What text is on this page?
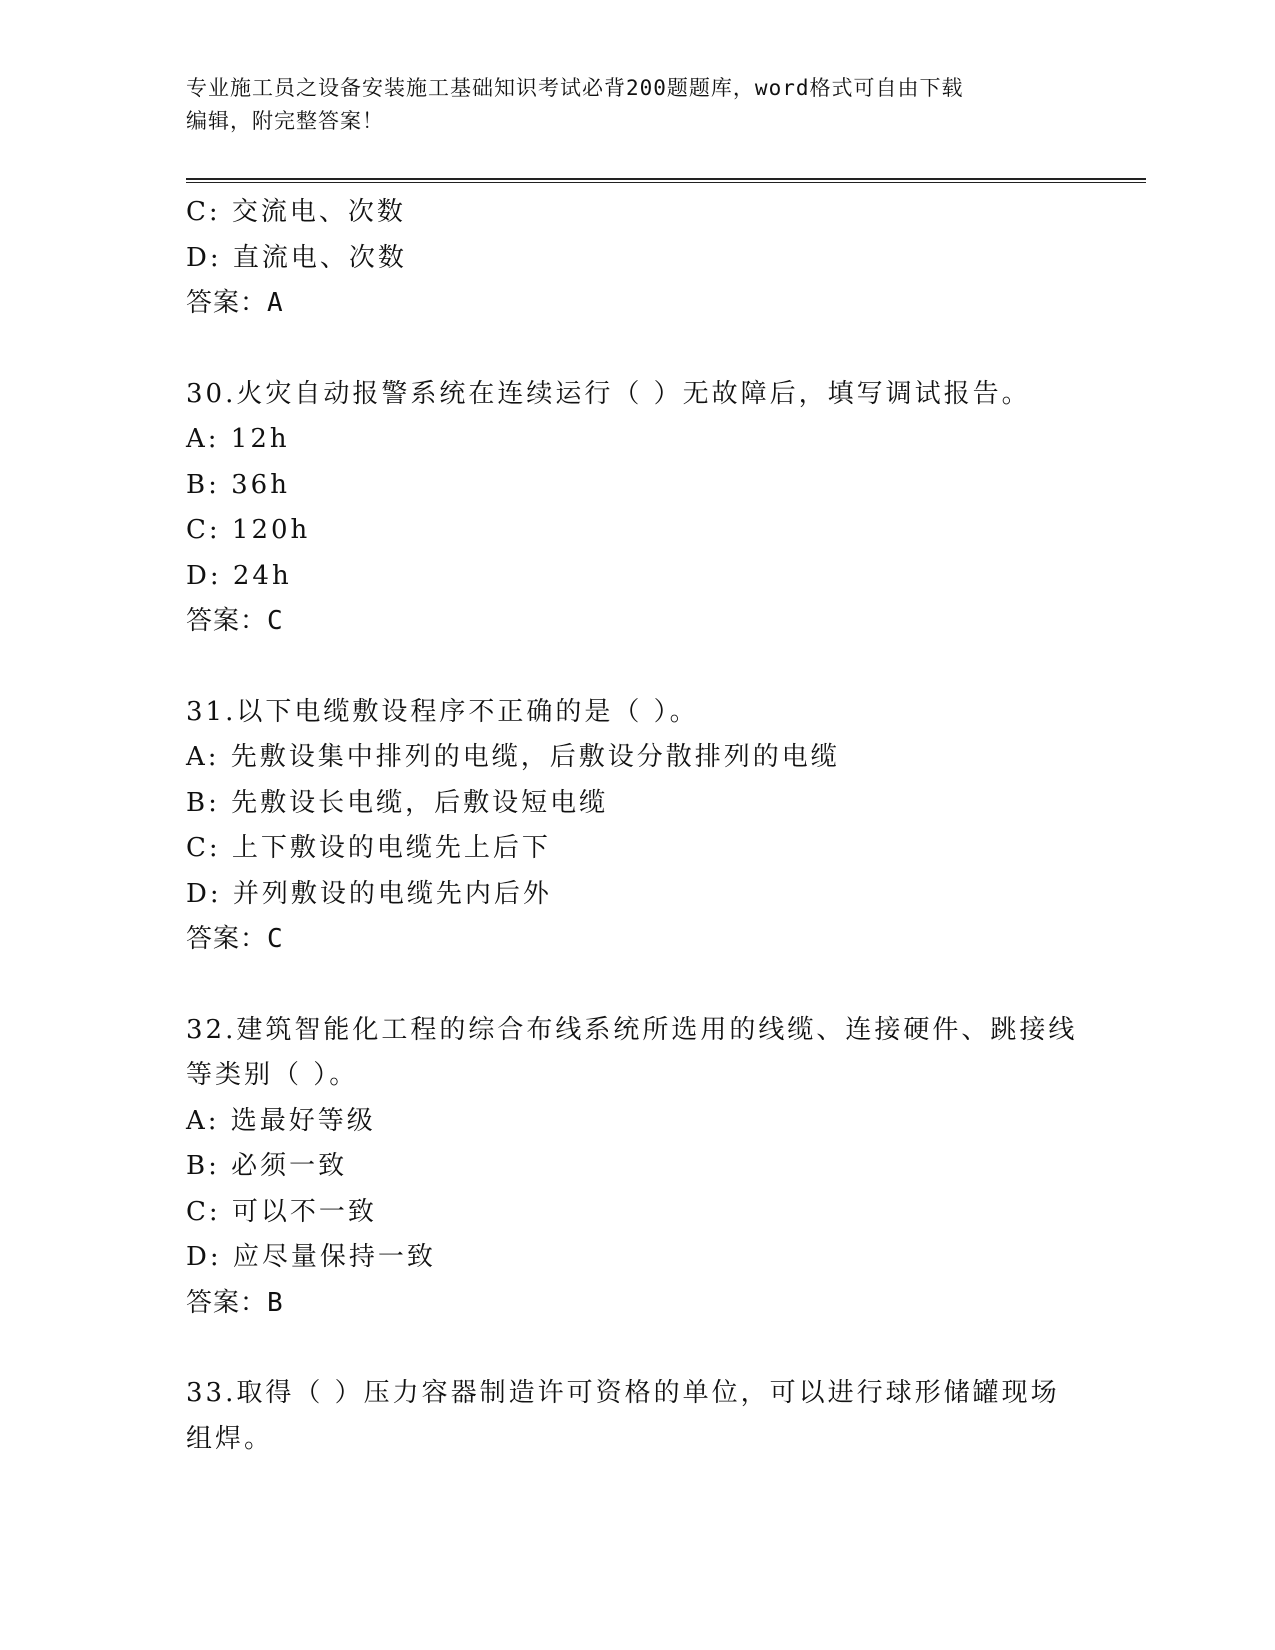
专业施工员之设备安装施工基础知识考试必背200题题库，word格式可自由下载
编辑，附完整答案！
C: 交流电、次数
D: 直流电、次数
答案：A
30.火灾自动报警系统在连续运行（ ）无故障后，填写调试报告。
A: 12h
B: 36h
C: 120h
D: 24h
答案：C
31.以下电缆敷设程序不正确的是（ ）。
A: 先敷设集中排列的电缆，后敷设分散排列的电缆
B: 先敷设长电缆，后敷设短电缆
C: 上下敷设的电缆先上后下
D: 并列敷设的电缆先内后外
答案：C
32.建筑智能化工程的综合布线系统所选用的线缆、连接硬件、跳接线
等类别（ ）。
A: 选最好等级
B: 必须一致
C: 可以不一致
D: 应尽量保持一致
答案：B
33.取得（ ）压力容器制造许可资格的单位，可以进行球形储罐现场
组焊。
